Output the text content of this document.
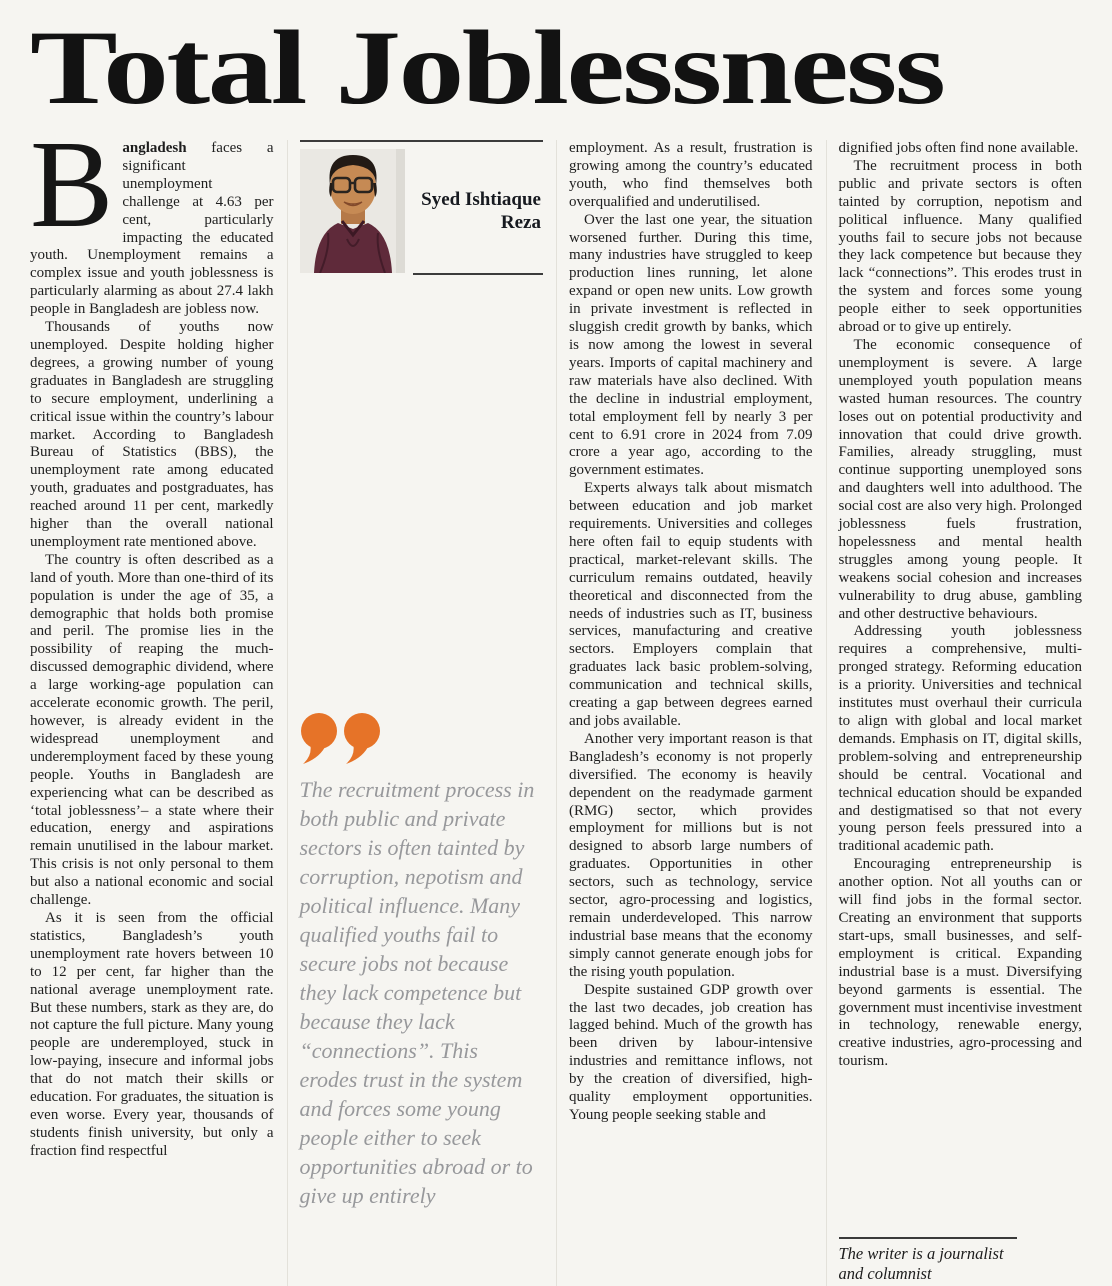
Total Joblessness

Bangladesh faces a significant unemployment challenge at 4.63 per cent, particularly impacting the educated youth. Unemployment remains a complex issue and youth joblessness is particularly alarming as about 27.4 lakh people in Bangladesh are jobless now.

Thousands of youths now unemployed. Despite holding higher degrees, a growing number of young graduates in Bangladesh are struggling to secure employment, underlining a critical issue within the country’s labour market. According to Bangladesh Bureau of Statistics (BBS), the unemployment rate among educated youth, graduates and postgraduates, has reached around 11 per cent, markedly higher than the overall national unemployment rate mentioned above.

The country is often described as a land of youth. More than one-third of its population is under the age of 35, a demographic that holds both promise and peril. The promise lies in the possibility of reaping the much-discussed demographic dividend, where a large working-age population can accelerate economic growth. The peril, however, is already evident in the widespread unemployment and underemployment faced by these young people. Youths in Bangladesh are experiencing what can be described as ‘total joblessness’– a state where their education, energy and aspirations remain unutilised in the labour market. This crisis is not only personal to them but also a national economic and social challenge.

As it is seen from the official statistics, Bangladesh’s youth unemployment rate hovers between 10 to 12 per cent, far higher than the national average unemployment rate. But these numbers, stark as they are, do not capture the full picture. Many young people are underemployed, stuck in low-paying, insecure and informal jobs that do not match their skills or education. For graduates, the situation is even worse. Every year, thousands of students finish university, but only a fraction find respectful

Syed Ishtiaque
Reza
The recruitment process in both public and private sectors is often tainted by corruption, nepotism and political influence. Many qualified youths fail to secure jobs not because they lack competence but because they lack “connections”. This erodes trust in the system and forces some young people either to seek opportunities abroad or to give up entirely

employment. As a result, frustration is growing among the country’s educated youth, who find themselves both overqualified and underutilised.

Over the last one year, the situation worsened further. During this time, many industries have struggled to keep production lines running, let alone expand or open new units. Low growth in private investment is reflected in sluggish credit growth by banks, which is now among the lowest in several years. Imports of capital machinery and raw materials have also declined. With the decline in industrial employment, total employment fell by nearly 3 per cent to 6.91 crore in 2024 from 7.09 crore a year ago, according to the government estimates.

Experts always talk about mismatch between education and job market requirements. Universities and colleges here often fail to equip students with practical, market-relevant skills. The curriculum remains outdated, heavily theoretical and disconnected from the needs of industries such as IT, business services, manufacturing and creative sectors. Employers complain that graduates lack basic problem-solving, communication and technical skills, creating a gap between degrees earned and jobs available.

Another very important reason is that Bangladesh’s economy is not properly diversified. The economy is heavily dependent on the readymade garment (RMG) sector, which provides employment for millions but is not designed to absorb large numbers of graduates. Opportunities in other sectors, such as technology, service sector, agro-processing and logistics, remain underdeveloped. This narrow industrial base means that the economy simply cannot generate enough jobs for the rising youth population.

Despite sustained GDP growth over the last two decades, job creation has lagged behind. Much of the growth has been driven by labour-intensive industries and remittance inflows, not by the creation of diversified, high-quality employment opportunities. Young people seeking stable and

dignified jobs often find none available.

The recruitment process in both public and private sectors is often tainted by corruption, nepotism and political influence. Many qualified youths fail to secure jobs not because they lack competence but because they lack “connections”. This erodes trust in the system and forces some young people either to seek opportunities abroad or to give up entirely.

The economic consequence of unemployment is severe. A large unemployed youth population means wasted human resources. The country loses out on potential productivity and innovation that could drive growth. Families, already struggling, must continue supporting unemployed sons and daughters well into adulthood. The social cost are also very high. Prolonged joblessness fuels frustration, hopelessness and mental health struggles among young people. It weakens social cohesion and increases vulnerability to drug abuse, gambling and other destructive behaviours.

Addressing youth joblessness requires a comprehensive, multi-pronged strategy. Reforming education is a priority. Universities and technical institutes must overhaul their curricula to align with global and local market demands. Emphasis on IT, digital skills, problem-solving and entrepreneurship should be central. Vocational and technical education should be expanded and destigmatised so that not every young person feels pressured into a traditional academic path.

Encouraging entrepreneurship is another option. Not all youths can or will find jobs in the formal sector. Creating an environment that supports start-ups, small businesses, and self-employment is critical. Expanding industrial base is a must. Diversifying beyond garments is essential. The government must incentivise investment in technology, renewable energy, creative industries, agro-processing and tourism.

The writer is a journalist
and columnist
